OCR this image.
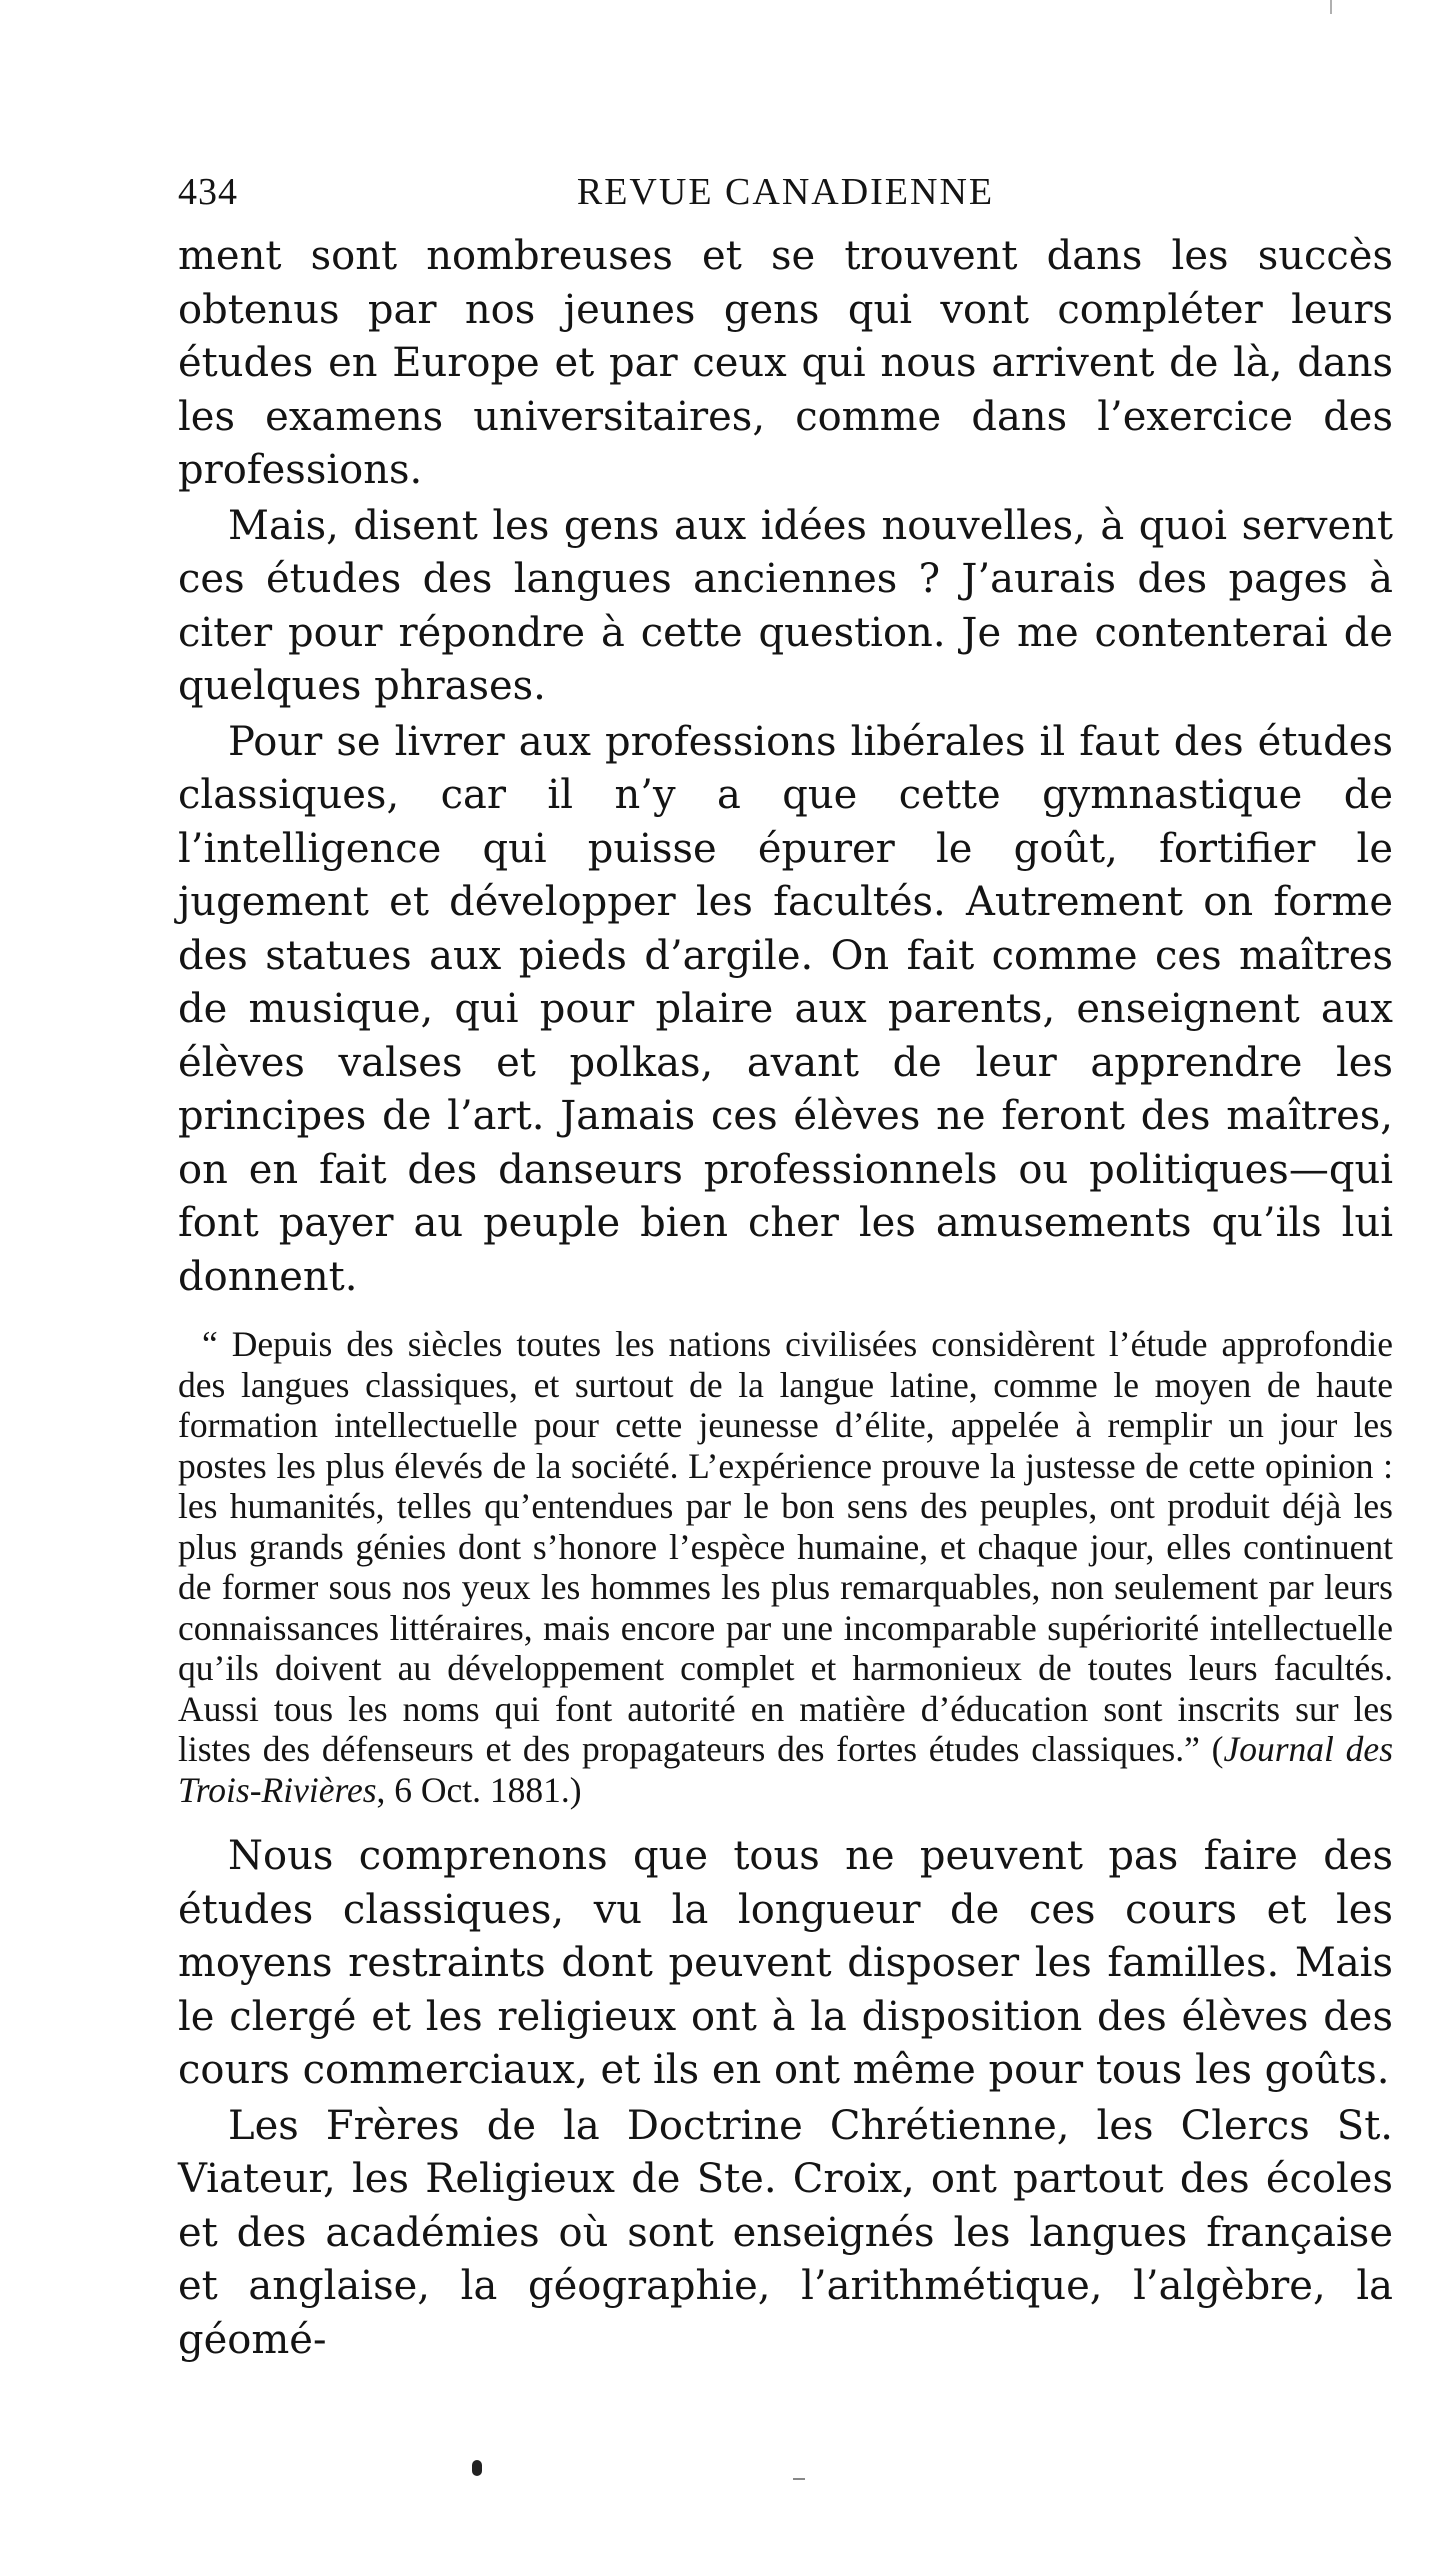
434	REVUE CANADIENNE

ment sont nombreuses et se trouvent dans les succès obtenus par nos jeunes gens qui vont compléter leurs études en Europe et par ceux qui nous arrivent de là, dans les examens universitaires, comme dans l’exercice des professions.

Mais, disent les gens aux idées nouvelles, à quoi servent ces études des langues anciennes ? J’aurais des pages à citer pour répondre à cette question. Je me contenterai de quelques phrases.

Pour se livrer aux professions libérales il faut des études classiques, car il n’y a que cette gymnastique de l’intelligence qui puisse épurer le goût, fortifier le jugement et développer les facultés. Autrement on forme des statues aux pieds d’argile. On fait comme ces maîtres de musique, qui pour plaire aux parents, enseignent aux élèves valses et polkas, avant de leur apprendre les principes de l’art. Jamais ces élèves ne feront des maîtres, on en fait des danseurs professionnels ou politiques—qui font payer au peuple bien cher les amusements qu’ils lui donnent.

“ Depuis des siècles toutes les nations civilisées considèrent l’étude approfondie des langues classiques, et surtout de la langue latine, comme le moyen de haute formation intellectuelle pour cette jeunesse d’élite, appelée à remplir un jour les postes les plus élevés de la société. L’expérience prouve la justesse de cette opinion : les humanités, telles qu’entendues par le bon sens des peuples, ont produit déjà les plus grands génies dont s’honore l’espèce humaine, et chaque jour, elles continuent de former sous nos yeux les hommes les plus remarquables, non seulement par leurs connaissances littéraires, mais encore par une incomparable supériorité intellectuelle qu’ils doivent au développement complet et harmonieux de toutes leurs facultés. Aussi tous les noms qui font autorité en matière d’éducation sont inscrits sur les listes des défenseurs et des propagateurs des fortes études classiques.” (Journal des Trois-Rivières, 6 Oct. 1881.)

Nous comprenons que tous ne peuvent pas faire des études classiques, vu la longueur de ces cours et les moyens restraints dont peuvent disposer les familles. Mais le clergé et les religieux ont à la disposition des élèves des cours commerciaux, et ils en ont même pour tous les goûts.

Les Frères de la Doctrine Chrétienne, les Clercs St. Viateur, les Religieux de Ste. Croix, ont partout des écoles et des académies où sont enseignés les langues française et anglaise, la géographie, l’arithmétique, l’algèbre, la géomé-
